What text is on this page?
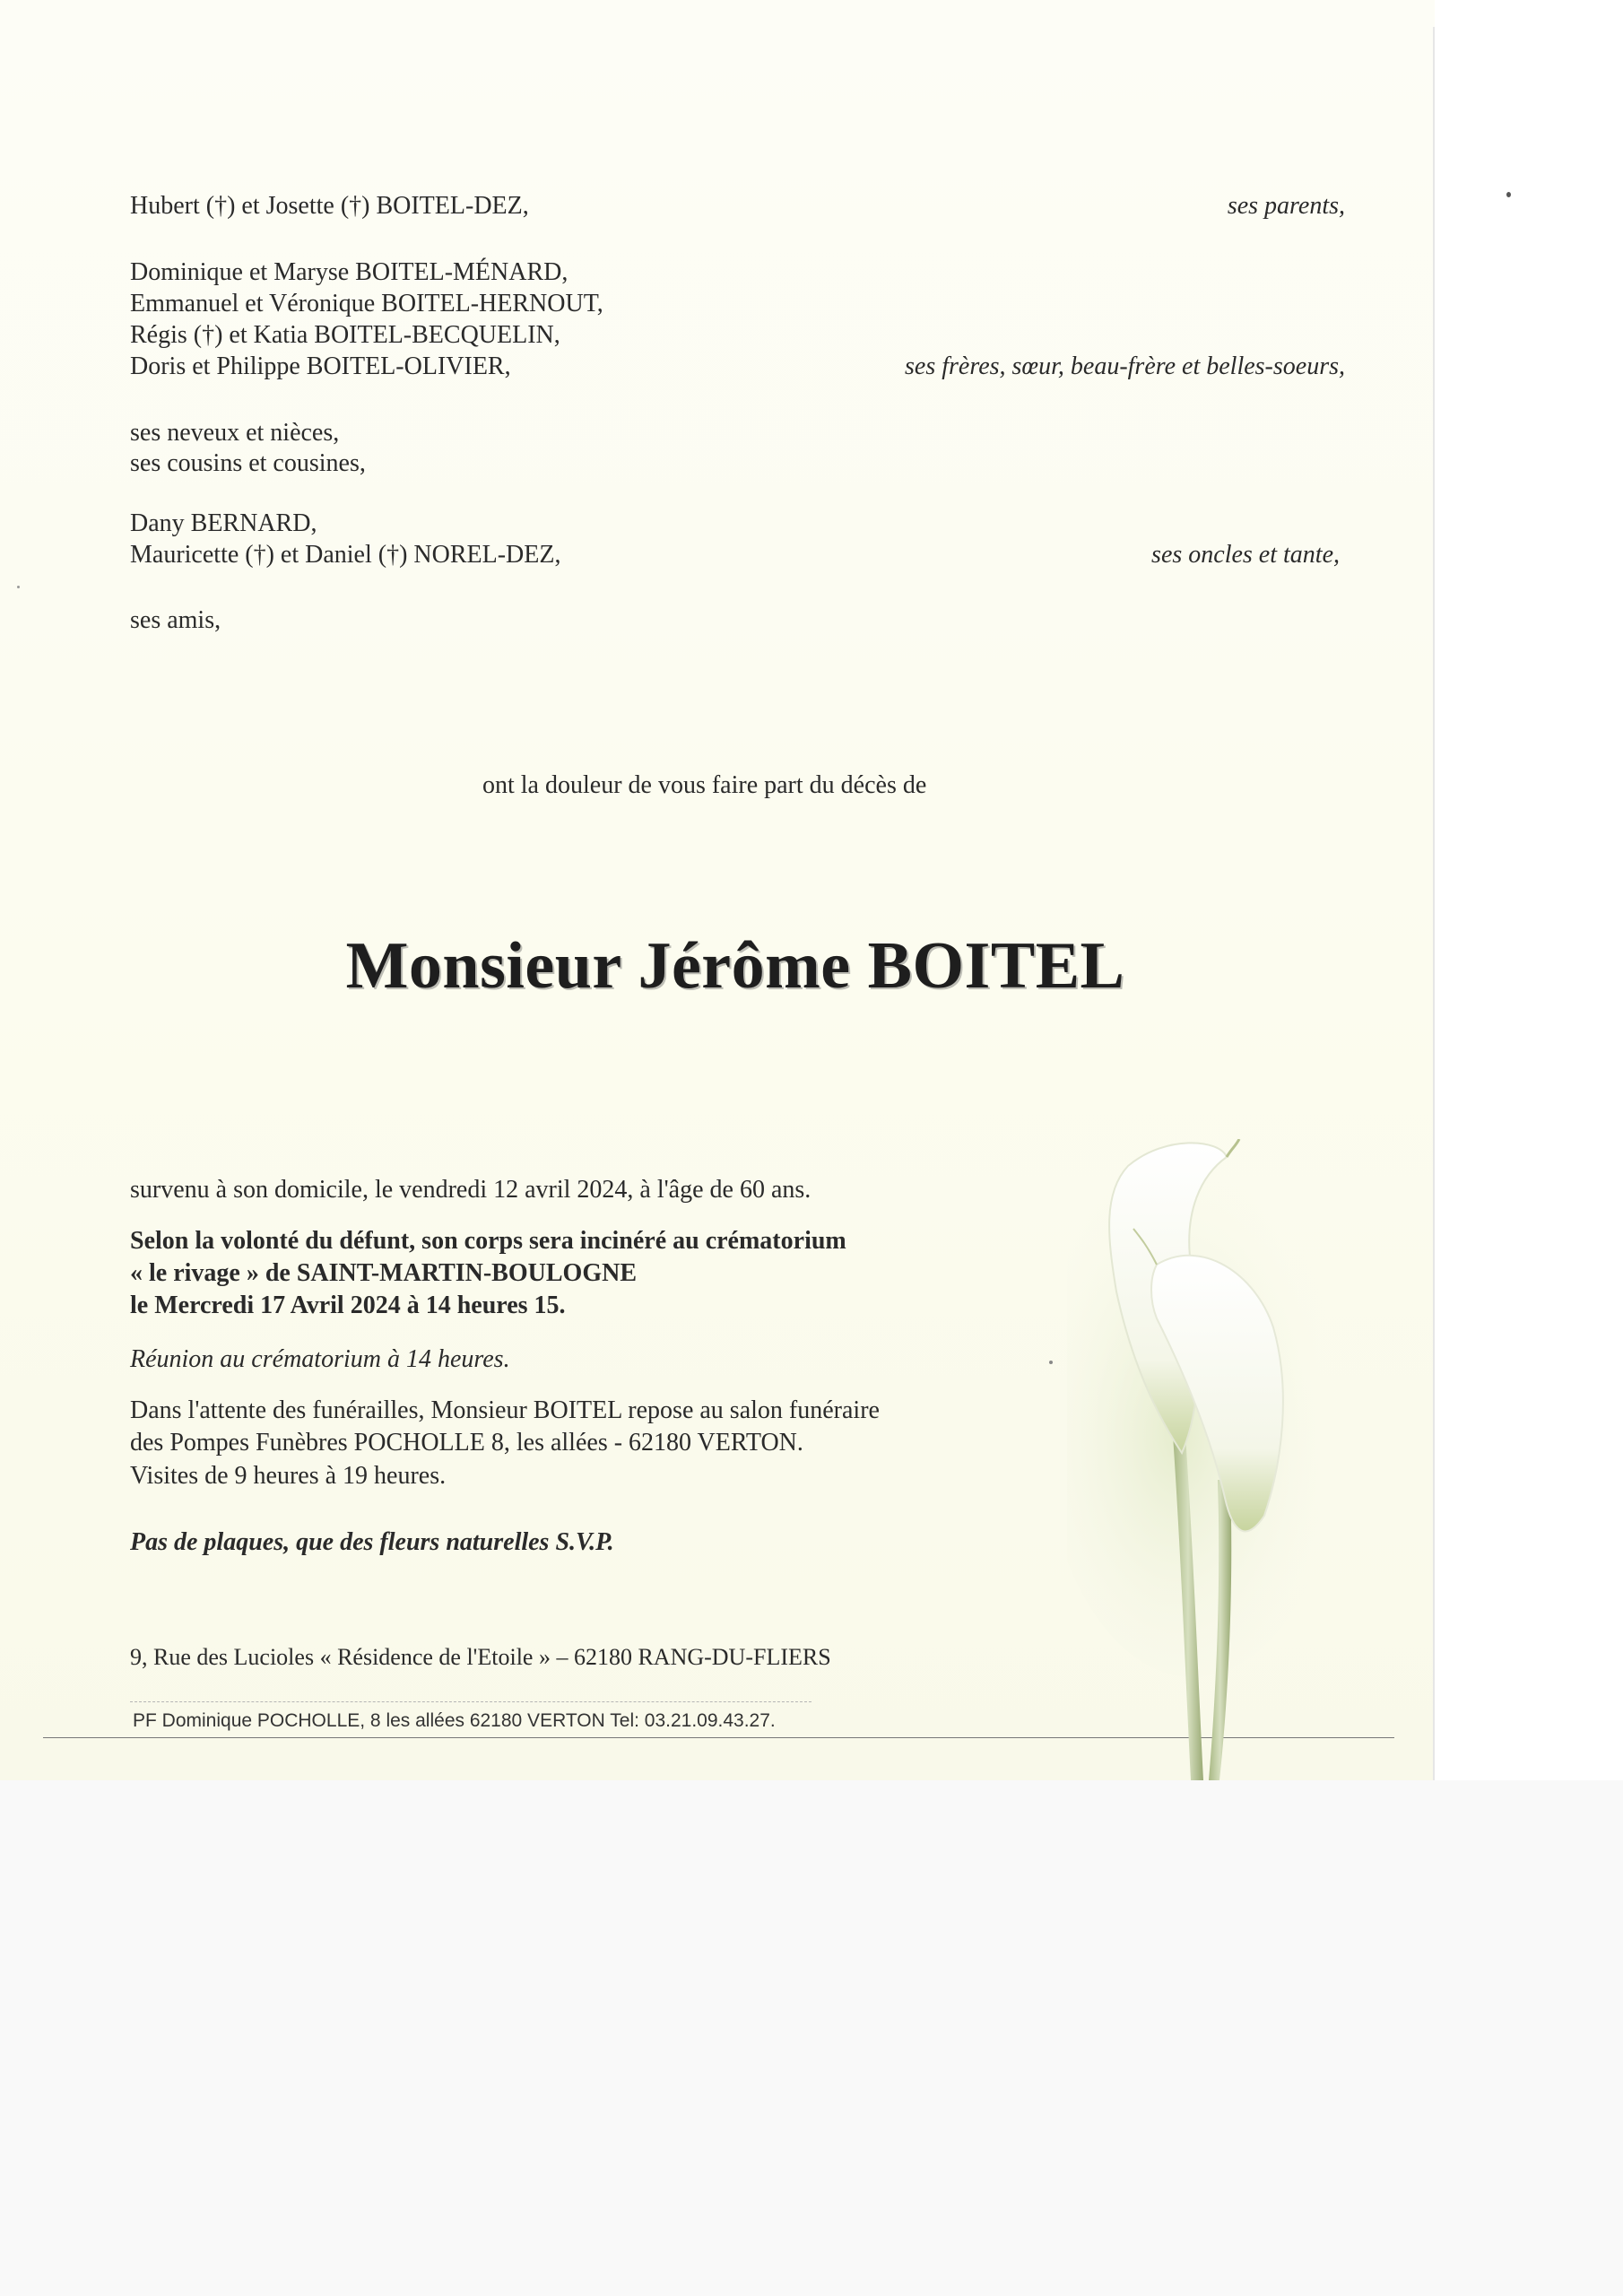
Hubert (†) et Josette (†) BOITEL-DEZ,	ses parents,
Dominique et Maryse BOITEL-MÉNARD,
Emmanuel et Véronique BOITEL-HERNOUT,
Régis (†) et Katia BOITEL-BECQUELIN,
Doris et Philippe BOITEL-OLIVIER,	ses frères, sœur, beau-frère et belles-soeurs,
ses neveux et nièces,
ses cousins et cousines,
Dany BERNARD,
Mauricette (†) et Daniel (†) NOREL-DEZ,	ses oncles et tante,
ses amis,
ont la douleur de vous faire part du décès de
Monsieur Jérôme BOITEL
survenu à son domicile, le vendredi 12 avril 2024, à l'âge de 60 ans.
Selon la volonté du défunt, son corps sera incinéré au crématorium
« le rivage » de SAINT-MARTIN-BOULOGNE
le Mercredi 17 Avril 2024 à 14 heures 15.
Réunion au crématorium à 14 heures.
Dans l'attente des funérailles, Monsieur BOITEL repose au salon funéraire
des Pompes Funèbres POCHOLLE 8, les allées - 62180 VERTON.
Visites de 9 heures à 19 heures.
Pas de plaques, que des fleurs naturelles S.V.P.
9, Rue des Lucioles « Résidence de l'Etoile » – 62180 RANG-DU-FLIERS
PF Dominique POCHOLLE, 8 les allées 62180 VERTON Tel: 03.21.09.43.27.
